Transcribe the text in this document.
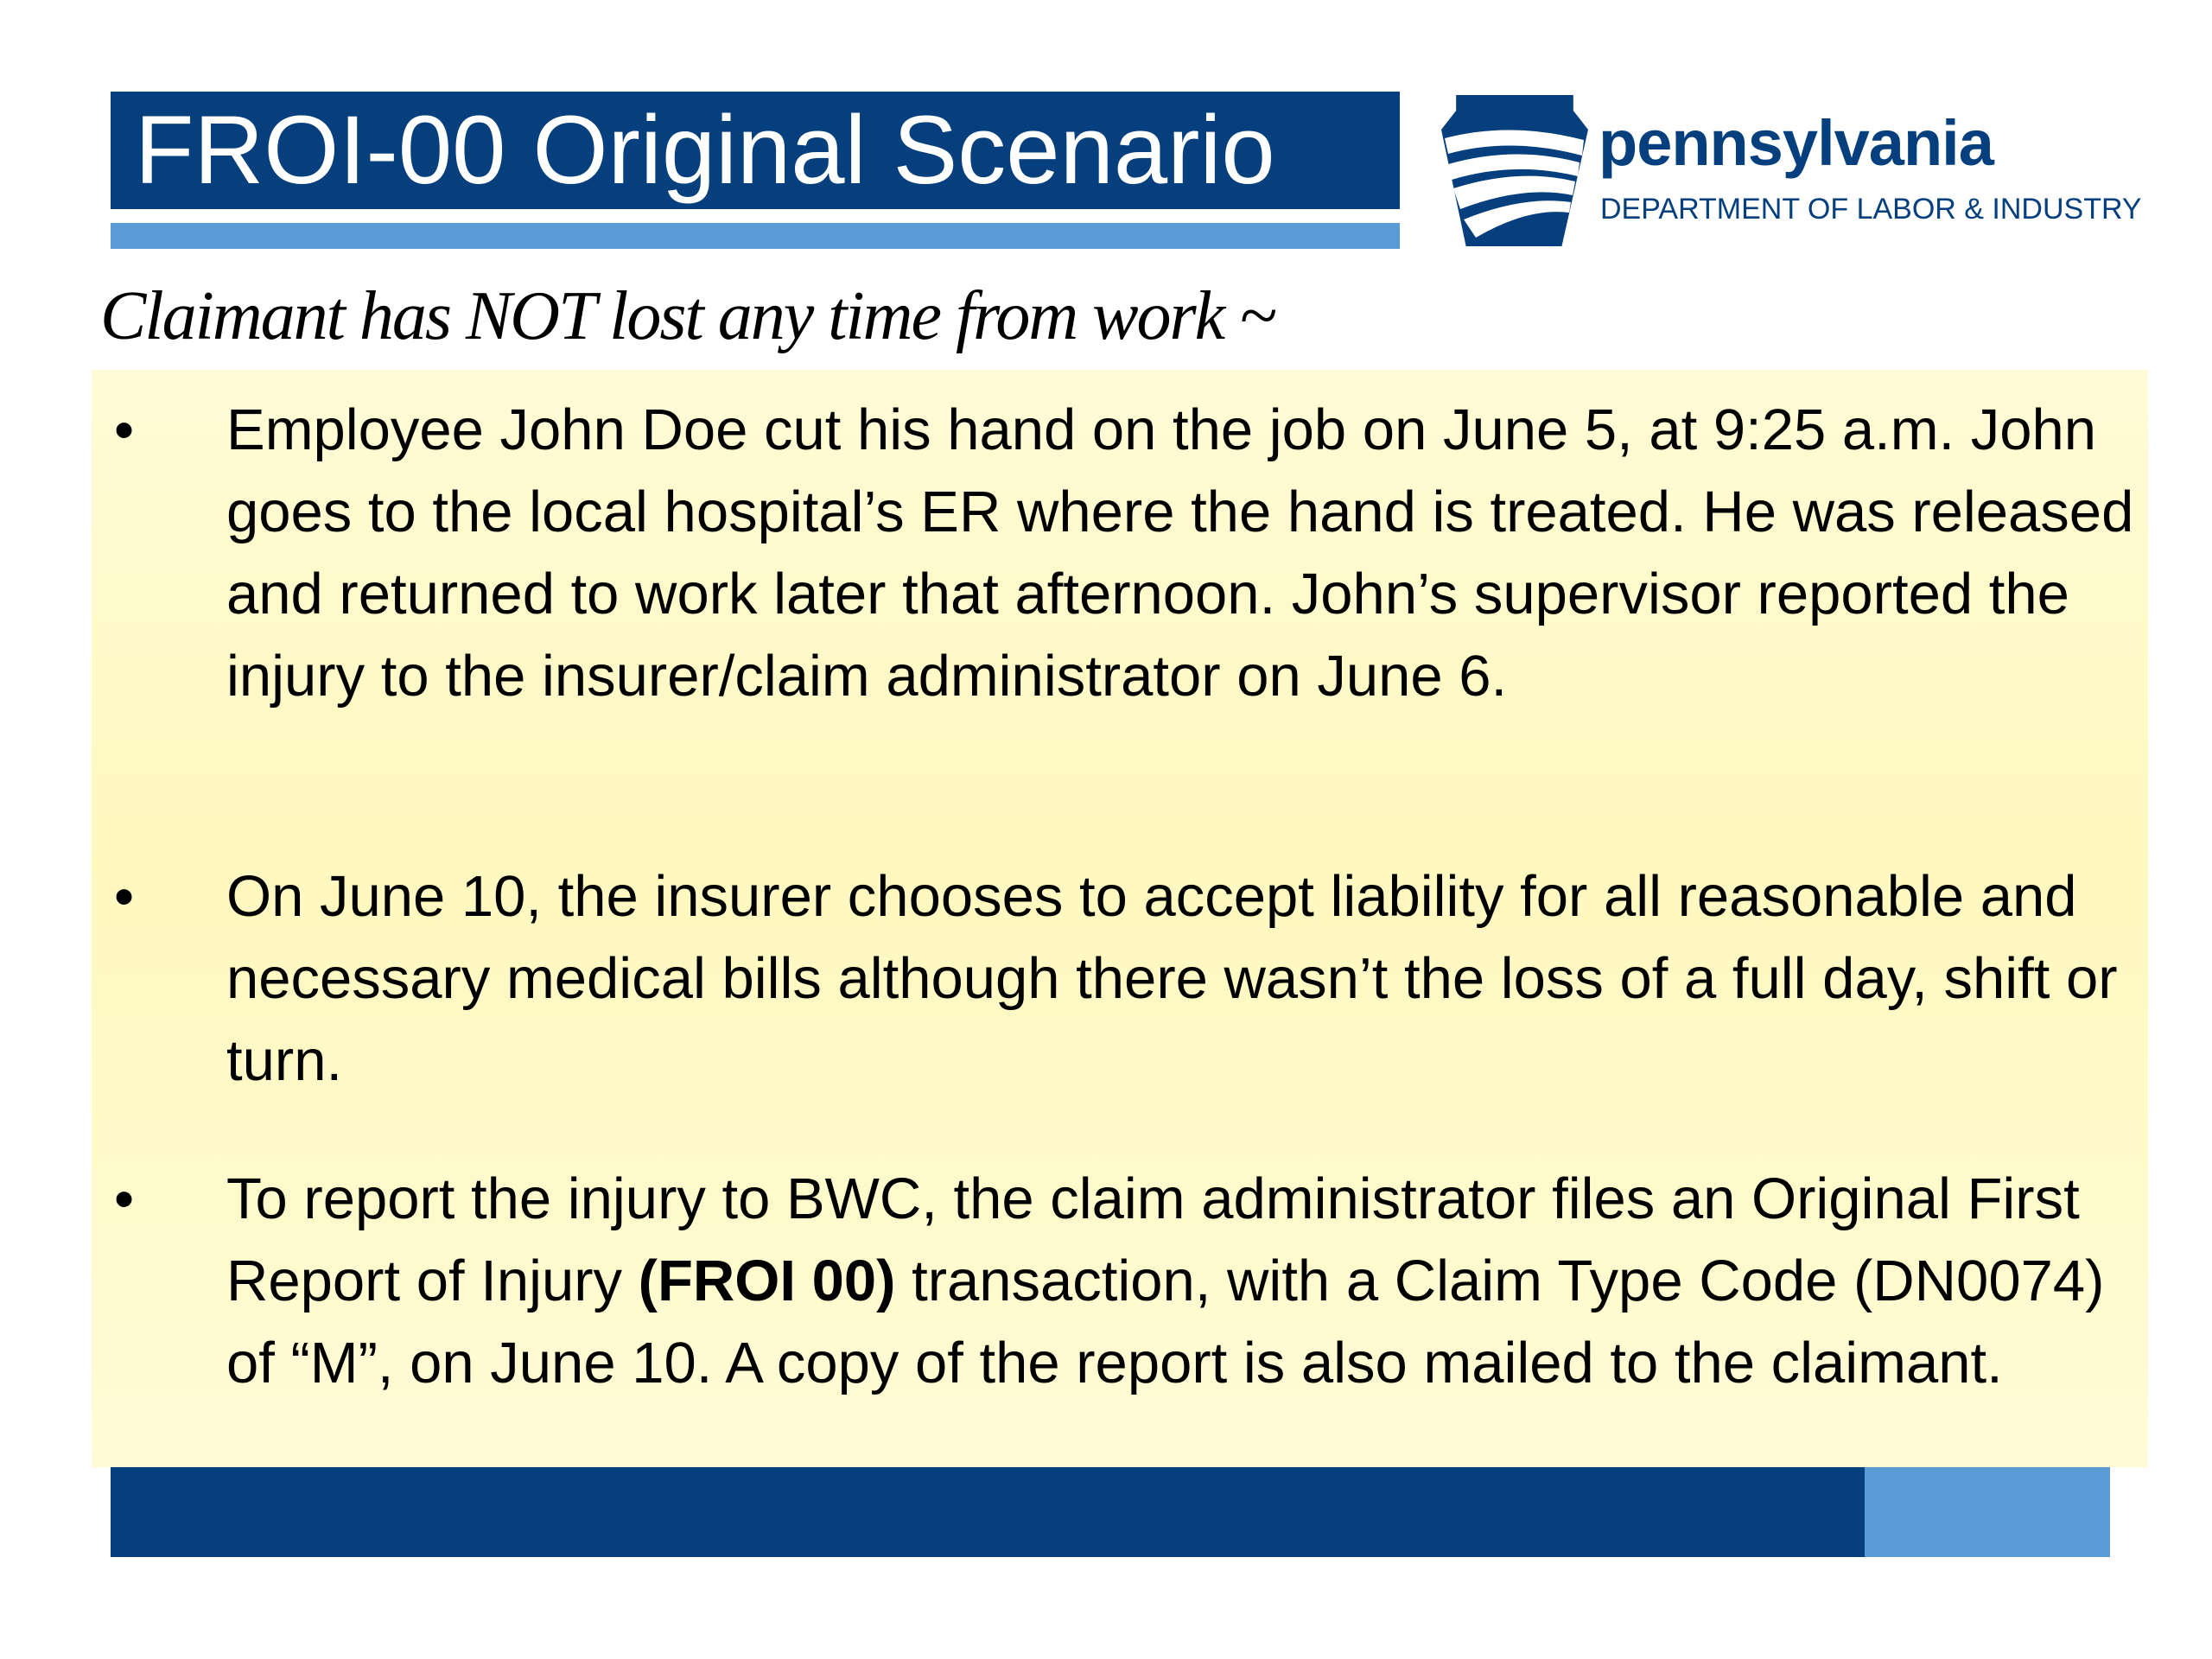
FROI-00 Original Scenario	pennsylvania
DEPARTMENT OF LABOR & INDUSTRY
Claimant has NOT lost any time from work ~
• Employee John Doe cut his hand on the job on June 5, at 9:25 a.m. John goes to the local hospital’s ER where the hand is treated. He was released and returned to work later that afternoon. John’s supervisor reported the injury to the insurer/claim administrator on June 6.
• On June 10, the insurer chooses to accept liability for all reasonable and necessary medical bills although there wasn’t the loss of a full day, shift or turn.
• To report the injury to BWC, the claim administrator files an Original First Report of Injury (FROI 00) transaction, with a Claim Type Code (DN0074) of “M”, on June 10. A copy of the report is also mailed to the claimant.
